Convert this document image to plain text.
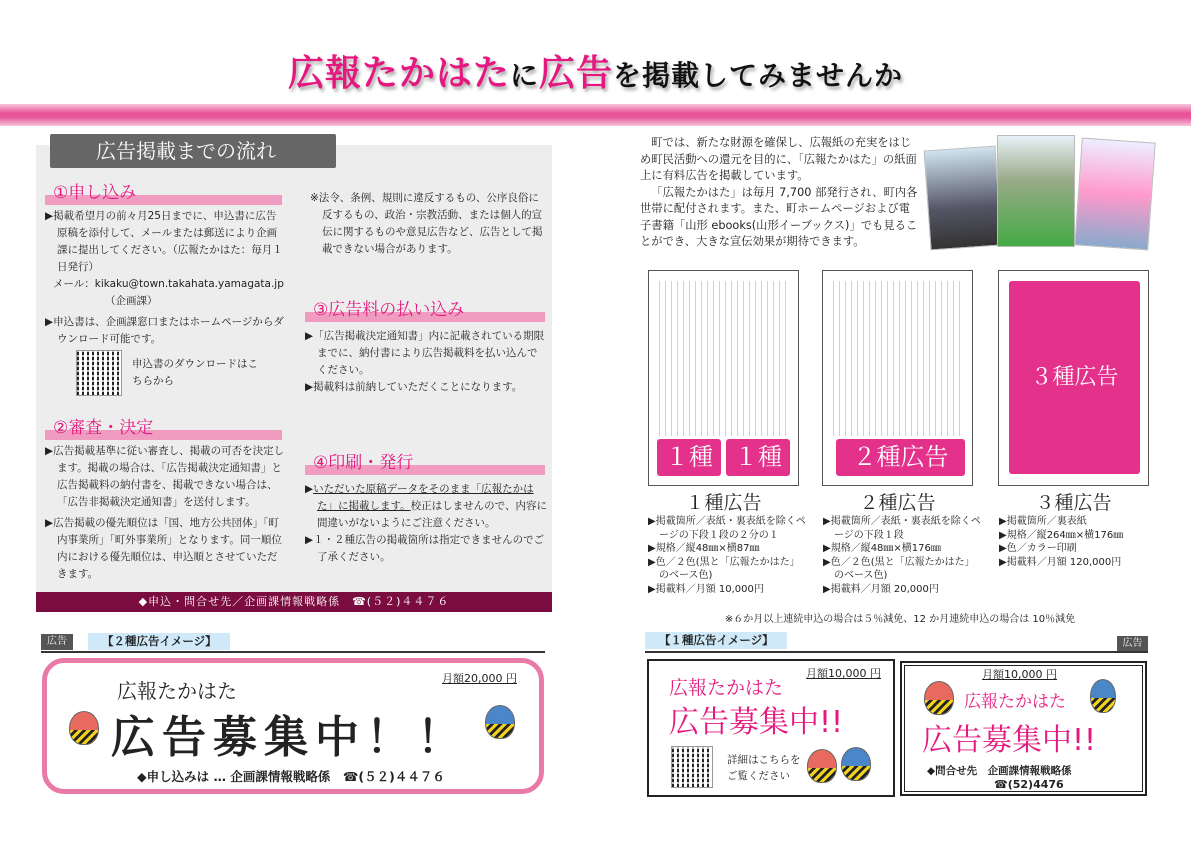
広報たかはたに広告を掲載してみませんか
広告掲載までの流れ
①申し込み

▶掲載希望月の前々月25日までに、申込書に広告原稿を添付して、メールまたは郵送により企画課に提出してください。（広報たかはた：毎月１日発行）

メール：kikaku@town.takahata.yamagata.jp

（企画課）

▶申込書は、企画課窓口またはホームページからダウンロード可能です。

申込書のダウンロードはこちらから
②審査・決定

▶広告掲載基準に従い審査し、掲載の可否を決定します。掲載の場合は、「広告掲載決定通知書」と広告掲載料の納付書を、掲載できない場合は、「広告非掲載決定通知書」を送付します。

▶広告掲載の優先順位は「国、地方公共団体」「町内事業所」「町外事業所」となります。同一順位内における優先順位は、申込順とさせていただきます。

※法令、条例、規則に違反するもの、公序良俗に反するもの、政治・宗教活動、または個人的宣伝に関するものや意見広告など、広告として掲載できない場合があります。

③広告料の払い込み

▶「広告掲載決定通知書」内に記載されている期限までに、納付書により広告掲載料を払い込んでください。

▶掲載料は前納していただくことになります。

④印刷・発行

▶いただいた原稿データをそのまま「広報たかはた」に掲載します。校正はしませんので、内容に間違いがないようにご注意ください。

▶１・２種広告の掲載箇所は指定できませんのでご了承ください。

◆申込・問合せ先／企画課情報戦略係　☎(５２)４４７６

町では、新たな財源を確保し、広報紙の充実をはじめ町民活動への還元を目的に、「広報たかはた」の紙面上に有料広告を掲載しています。

「広報たかはた」は毎月 7,700 部発行され、町内各世帯に配付されます。また、町ホームページおよび電子書籍「山形 ebooks(山形イーブックス)」でも見ることができ、大きな宣伝効果が期待できます。

１種 １種	２種広告
３種広告
１種広告	２種広告	３種広告

▶掲載箇所／表紙・裏表紙を除くページの下段１段の２分の１

▶規格／縦48㎜×横87㎜

▶色／２色(黒と「広報たかはた」のベース色)

▶掲載料／月額 10,000円

▶掲載箇所／表紙・裏表紙を除くページの下段１段

▶規格／縦48㎜×横176㎜

▶色／２色(黒と「広報たかはた」のベース色)

▶掲載料／月額 20,000円

▶掲載箇所／裏表紙

▶規格／縦264㎜×横176㎜

▶色／カラー印刷

▶掲載料／月額 120,000円

※６か月以上連続申込の場合は５％減免、12 か月連続申込の場合は 10％減免
広告	【２種広告イメージ】
月額20,000 円
広報たかはた
広告募集中！！
◆申し込みは … 企画課情報戦略係　☎(５２)４４７６
【１種広告イメージ】	広告
月額10,000 円
広報たかはた
広告募集中!!
詳細はこちらをご覧ください
月額10,000 円
広報たかはた
広告募集中!!
◆問合せ先　企画課情報戦略係
☎(52)4476
